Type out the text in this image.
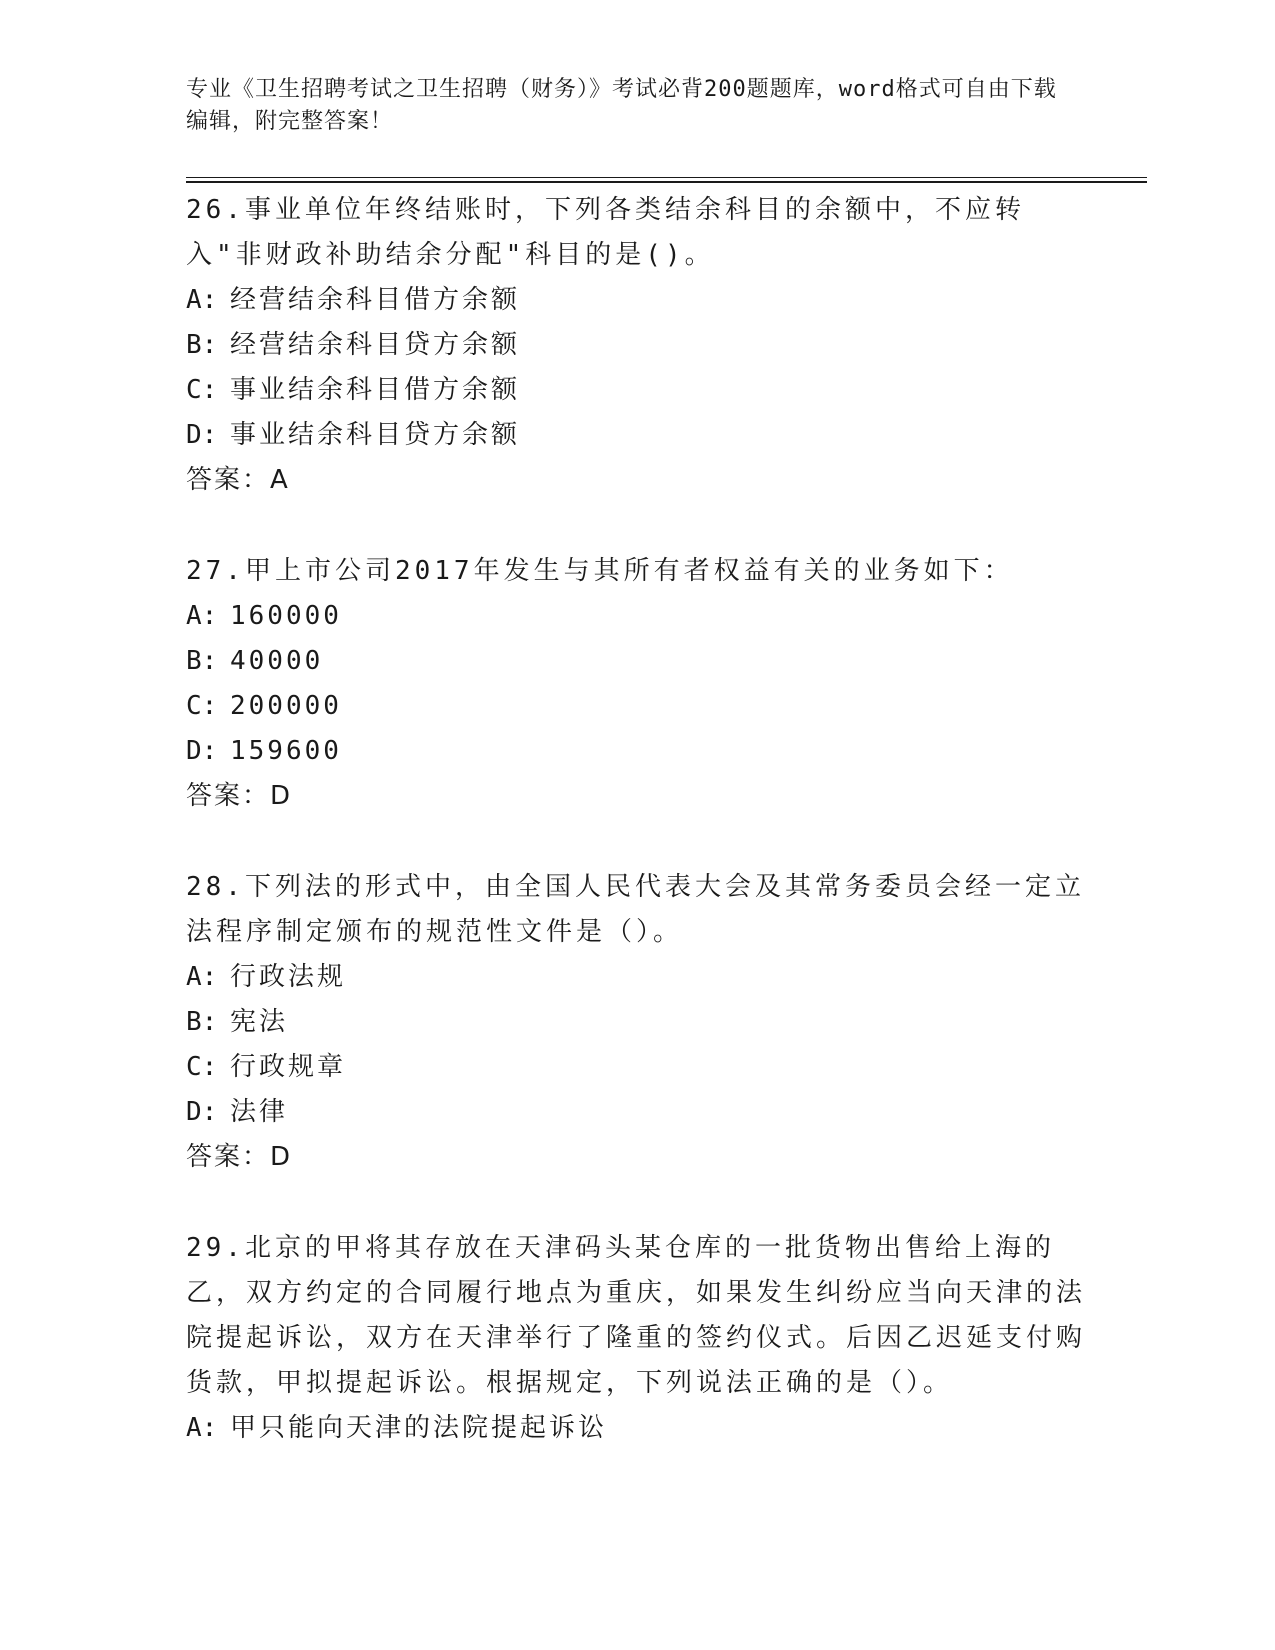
专业《卫生招聘考试之卫生招聘（财务）》考试必背200题题库，word格式可自由下载编辑，附完整答案！

26.事业单位年终结账时，下列各类结余科目的余额中，不应转入"非财政补助结余分配"科目的是()。

A: 经营结余科目借方余额

B: 经营结余科目贷方余额

C: 事业结余科目借方余额

D: 事业结余科目贷方余额

答案：A

27.甲上市公司2017年发生与其所有者权益有关的业务如下：

A: 160000

B: 40000

C: 200000

D: 159600

答案：D

28.下列法的形式中，由全国人民代表大会及其常务委员会经一定立法程序制定颁布的规范性文件是（）。

A: 行政法规

B: 宪法

C: 行政规章

D: 法律

答案：D

29.北京的甲将其存放在天津码头某仓库的一批货物出售给上海的乙，双方约定的合同履行地点为重庆，如果发生纠纷应当向天津的法院提起诉讼，双方在天津举行了隆重的签约仪式。后因乙迟延支付购货款，甲拟提起诉讼。根据规定，下列说法正确的是（）。

A: 甲只能向天津的法院提起诉讼
